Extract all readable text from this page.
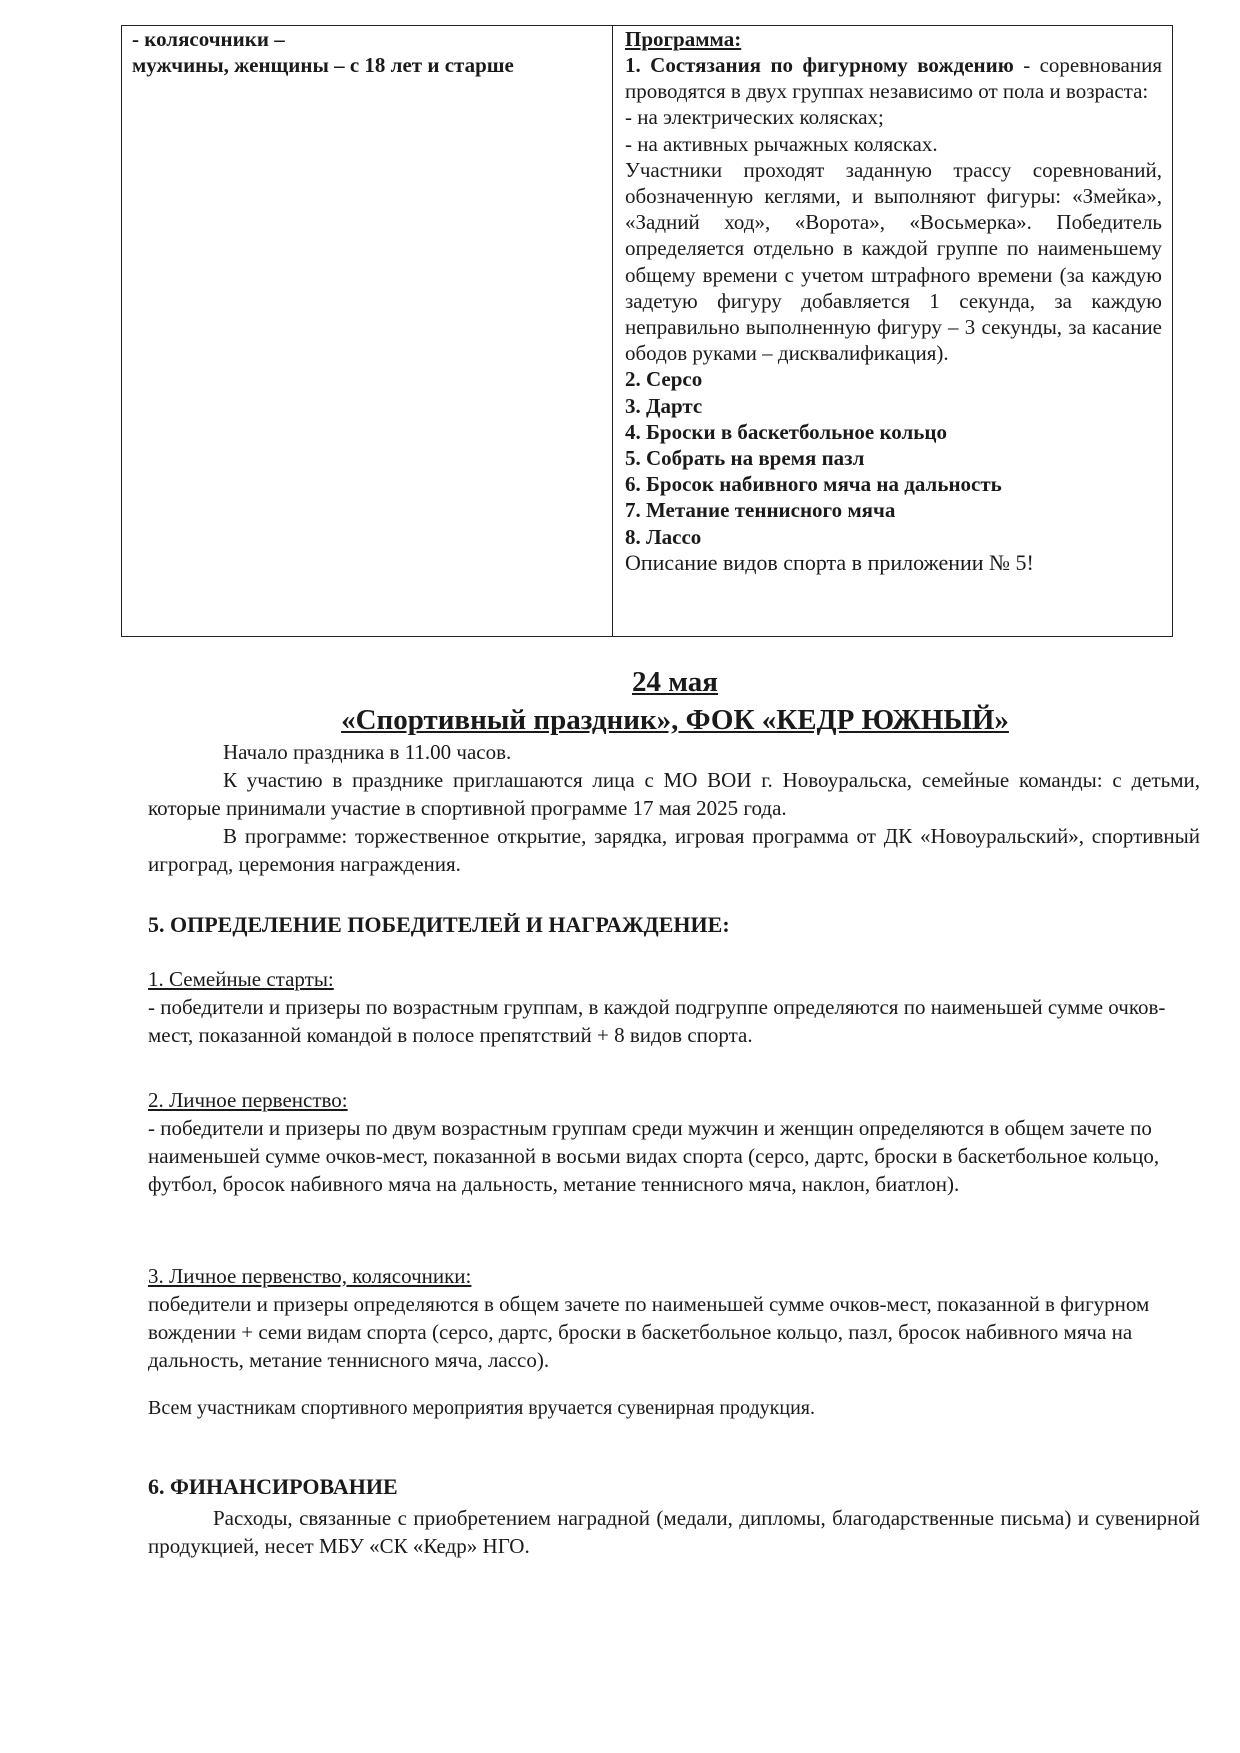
- колясочники –

мужчины, женщины – с 18 лет и старше

Программа:

1. Состязания по фигурному вождению - соревнования проводятся в двух группах независимо от пола и возраста:

- на электрических колясках;

- на активных рычажных колясках.

Участники проходят заданную трассу соревнований, обозначенную кеглями, и выполняют фигуры: «Змейка», «Задний ход», «Ворота», «Восьмерка». Победитель определяется отдельно в каждой группе по наименьшему общему времени с учетом штрафного времени (за каждую задетую фигуру добавляется 1 секунда, за каждую неправильно выполненную фигуру – 3 секунды, за касание ободов руками – дисквалификация).

2. Серсо

3. Дартс

4. Броски в баскетбольное кольцо

5. Собрать на время пазл

6. Бросок набивного мяча на дальность

7. Метание теннисного мяча

8. Лассо

Описание видов спорта в приложении № 5!

24 мая

«Спортивный праздник», ФОК «КЕДР ЮЖНЫЙ»

Начало праздника в 11.00 часов.

К участию в празднике приглашаются лица с МО ВОИ г. Новоуральска, семейные команды: с детьми, которые принимали участие в спортивной программе 17 мая 2025 года.

В программе: торжественное открытие, зарядка, игровая программа от ДК «Новоуральский», спортивный игроград, церемония награждения.

5. ОПРЕДЕЛЕНИЕ ПОБЕДИТЕЛЕЙ И НАГРАЖДЕНИЕ:

1. Семейные старты:

- победители и призеры по возрастным группам, в каждой подгруппе определяются по наименьшей сумме очков-мест, показанной командой в полосе препятствий + 8 видов спорта.

2. Личное первенство:

- победители и призеры по двум возрастным группам среди мужчин и женщин определяются в общем зачете по наименьшей сумме очков-мест, показанной в восьми видах спорта (серсо, дартс, броски в баскетбольное кольцо, футбол, бросок набивного мяча на дальность, метание теннисного мяча, наклон, биатлон).

3. Личное первенство, колясочники:

победители и призеры определяются в общем зачете по наименьшей сумме очков-мест, показанной в фигурном вождении + семи видам спорта (серсо, дартс, броски в баскетбольное кольцо, пазл, бросок набивного мяча на дальность, метание теннисного мяча, лассо).

Всем участникам спортивного мероприятия вручается сувенирная продукция.

6. ФИНАНСИРОВАНИЕ

Расходы, связанные с приобретением наградной (медали, дипломы, благодарственные письма) и сувенирной продукцией, несет МБУ «СК «Кедр» НГО.
